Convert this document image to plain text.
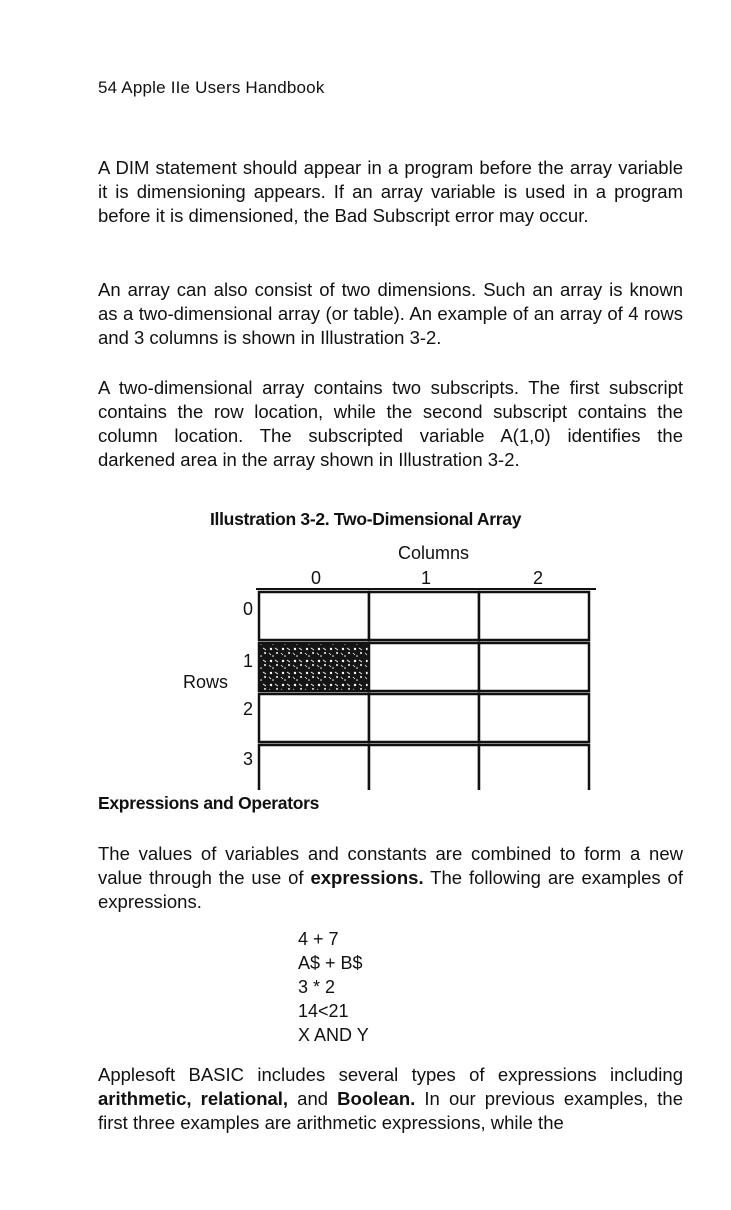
54 Apple IIe Users Handbook

A DIM statement should appear in a program before the array variable it is dimensioning appears. If an array variable is used in a program before it is dimensioned, the Bad Subscript error may occur.

An array can also consist of two dimensions. Such an array is known as a two-dimensional array (or table). An example of an array of 4 rows and 3 columns is shown in Illustration 3-2.

A two-dimensional array contains two subscripts. The first subscript contains the row location, while the second subscript contains the column location. The subscripted variable A(1,0) identifies the darkened area in the array shown in Illustration 3-2.

Illustration 3-2. Two-Dimensional Array
Columns
0	1	2
0
1
2
3
Rows
Expressions and Operators

The values of variables and constants are combined to form a new value through the use of expressions. The following are examples of expressions.

4 + 7
A$ + B$
3 * 2
14<21
X AND Y

Applesoft BASIC includes several types of expressions including arithmetic, relational, and Boolean. In our previous examples, the first three examples are arithmetic expressions, while the
